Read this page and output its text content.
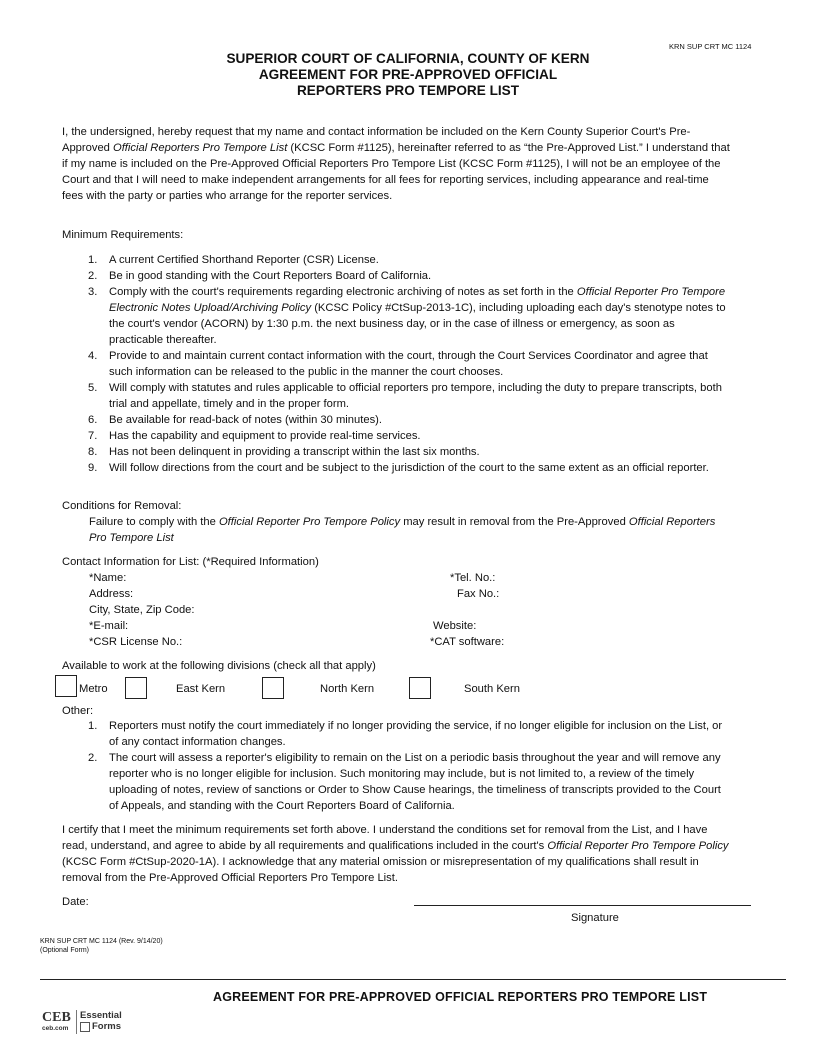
KRN SUP CRT MC 1124
SUPERIOR COURT OF CALIFORNIA, COUNTY OF KERN
AGREEMENT FOR PRE-APPROVED OFFICIAL
REPORTERS PRO TEMPORE LIST
I, the undersigned, hereby request that my name and contact information be included on the Kern County Superior Court's Pre-Approved Official Reporters Pro Tempore List (KCSC Form #1125), hereinafter referred to as “the Pre-Approved List.” I understand that if my name is included on the Pre-Approved Official Reporters Pro Tempore List (KCSC Form #1125), I will not be an employee of the Court and that I will need to make independent arrangements for all fees for reporting services, including appearance and real-time fees with the party or parties who arrange for the reporter services.
Minimum Requirements:
1.	A current Certified Shorthand Reporter (CSR) License.
2.	Be in good standing with the Court Reporters Board of California.
3.	Comply with the court's requirements regarding electronic archiving of notes as set forth in the Official Reporter Pro Tempore Electronic Notes Upload/Archiving Policy (KCSC Policy #CtSup-2013-1C), including uploading each day's stenotype notes to the court's vendor (ACORN) by 1:30 p.m. the next business day, or in the case of illness or emergency, as soon as practicable thereafter.
4.	Provide to and maintain current contact information with the court, through the Court Services Coordinator and agree that such information can be released to the public in the manner the court chooses.
5.	Will comply with statutes and rules applicable to official reporters pro tempore, including the duty to prepare transcripts, both trial and appellate, timely and in the proper form.
6.	Be available for read-back of notes (within 30 minutes).
7.	Has the capability and equipment to provide real-time services.
8.	Has not been delinquent in providing a transcript within the last six months.
9.	Will follow directions from the court and be subject to the jurisdiction of the court to the same extent as an official reporter.
Conditions for Removal:
Failure to comply with the Official Reporter Pro Tempore Policy may result in removal from the Pre-Approved Official Reporters Pro Tempore List
Contact Information for List: (*Required Information)
*Name:	*Tel. No.:
Address:	Fax No.:
City, State, Zip Code:
*E-mail:	Website:
*CSR License No.:	*CAT software:
Available to work at the following divisions (check all that apply)
Metro	East Kern	North Kern	South Kern
Other:
1.	Reporters must notify the court immediately if no longer providing the service, if no longer eligible for inclusion on the List, or of any contact information changes.
2.	The court will assess a reporter's eligibility to remain on the List on a periodic basis throughout the year and will remove any reporter who is no longer eligible for inclusion. Such monitoring may include, but is not limited to, a review of the timely uploading of notes, review of sanctions or Order to Show Cause hearings, the timeliness of transcripts provided to the Court of Appeals, and standing with the Court Reporters Board of California.
I certify that I meet the minimum requirements set forth above. I understand the conditions set for removal from the List, and I have read, understand, and agree to abide by all requirements and qualifications included in the court's Official Reporter Pro Tempore Policy (KCSC Form #CtSup-2020-1A). I acknowledge that any material omission or misrepresentation of my qualifications shall result in removal from the Pre-Approved Official Reporters Pro Tempore List.
Date:
Signature
KRN SUP CRT MC 1124 (Rev. 9/14/20)
(Optional Form)
AGREEMENT FOR PRE-APPROVED OFFICIAL REPORTERS PRO TEMPORE LIST
CEB
ceb.com
Essential
Forms
